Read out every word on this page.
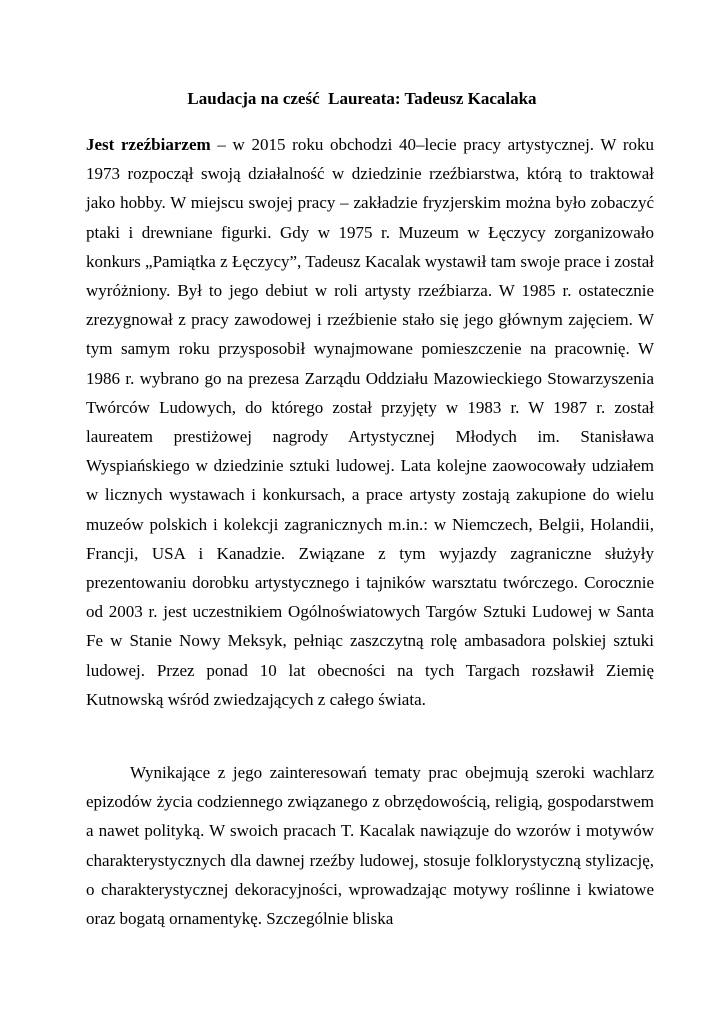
Laudacja na cześć  Laureata: Tadeusz Kacalaka

Jest rzeźbiarzem – w 2015 roku obchodzi 40–lecie pracy artystycznej. W roku 1973 rozpoczął swoją działalność w dziedzinie rzeźbiarstwa, którą to traktował jako hobby. W miejscu swojej pracy – zakładzie fryzjerskim można było zobaczyć ptaki i drewniane figurki. Gdy w 1975 r. Muzeum w Łęczycy zorganizowało konkurs „Pamiątka z Łęczycy”, Tadeusz Kacalak wystawił tam swoje prace i został wyróżniony. Był to jego debiut w roli artysty rzeźbiarza. W 1985 r. ostatecznie zrezygnował z pracy zawodowej i rzeźbienie stało się jego głównym zajęciem. W tym samym roku przysposobił wynajmowane pomieszczenie na pracownię. W 1986 r. wybrano go na prezesa Zarządu Oddziału Mazowieckiego Stowarzyszenia Twórców Ludowych, do którego został przyjęty w 1983 r. W 1987 r. został laureatem prestiżowej nagrody Artystycznej Młodych im. Stanisława Wyspiańskiego w dziedzinie sztuki ludowej. Lata kolejne zaowocowały udziałem w licznych wystawach i konkursach, a prace artysty zostają zakupione do wielu muzeów polskich i kolekcji zagranicznych m.in.: w Niemczech, Belgii, Holandii, Francji, USA i Kanadzie. Związane z tym wyjazdy zagraniczne służyły prezentowaniu dorobku artystycznego i tajników warsztatu twórczego. Corocznie od 2003 r. jest uczestnikiem Ogólnoświatowych Targów Sztuki Ludowej w Santa Fe w Stanie Nowy Meksyk, pełniąc zaszczytną rolę ambasadora polskiej sztuki ludowej. Przez ponad 10 lat obecności na tych Targach rozsławił Ziemię Kutnowską wśród zwiedzających z całego świata.

Wynikające z jego zainteresowań tematy prac obejmują szeroki wachlarz epizodów życia codziennego związanego z obrzędowością, religią, gospodarstwem a nawet polityką. W swoich pracach T. Kacalak nawiązuje do wzorów i motywów charakterystycznych dla dawnej rzeźby ludowej, stosuje folklorystyczną stylizację, o charakterystycznej dekoracyjności, wprowadzając motywy roślinne i kwiatowe oraz bogatą ornamentykę. Szczególnie bliska
